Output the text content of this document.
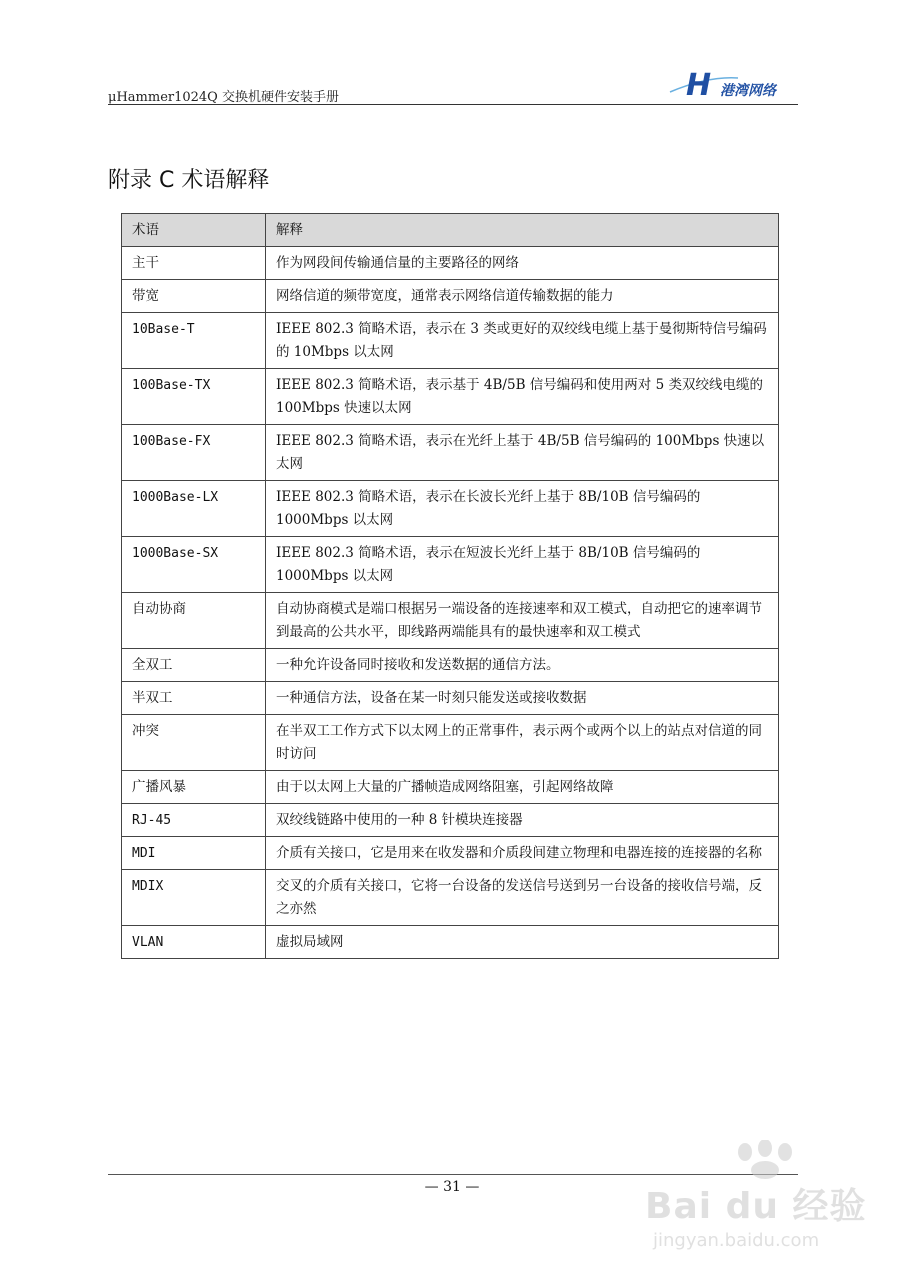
μHammer1024Q 交换机硬件安装手册	H 港湾网络
附录 C 术语解释
术语	解释
主干	作为网段间传输通信量的主要路径的网络
带宽	网络信道的频带宽度，通常表示网络信道传输数据的能力
10Base-T	IEEE 802.3 简略术语，表示在 3 类或更好的双绞线电缆上基于曼彻斯特信号编码的 10Mbps 以太网
100Base-TX	IEEE 802.3 简略术语，表示基于 4B/5B 信号编码和使用两对 5 类双绞线电缆的 100Mbps 快速以太网
100Base-FX	IEEE 802.3 简略术语，表示在光纤上基于 4B/5B 信号编码的 100Mbps 快速以太网
1000Base-LX	IEEE 802.3 简略术语，表示在长波长光纤上基于 8B/10B 信号编码的 1000Mbps 以太网
1000Base-SX	IEEE 802.3 简略术语，表示在短波长光纤上基于 8B/10B 信号编码的 1000Mbps 以太网
自动协商	自动协商模式是端口根据另一端设备的连接速率和双工模式，自动把它的速率调节到最高的公共水平，即线路两端能具有的最快速率和双工模式
全双工	一种允许设备同时接收和发送数据的通信方法。
半双工	一种通信方法，设备在某一时刻只能发送或接收数据
冲突	在半双工工作方式下以太网上的正常事件，表示两个或两个以上的站点对信道的同时访问
广播风暴	由于以太网上大量的广播帧造成网络阻塞，引起网络故障
RJ-45	双绞线链路中使用的一种 8 针模块连接器
MDI	介质有关接口，它是用来在收发器和介质段间建立物理和电器连接的连接器的名称
MDIX	交叉的介质有关接口，它将一台设备的发送信号送到另一台设备的接收信号端，反之亦然
VLAN	虚拟局域网
— 31 —	Bai du 经验
jingyan.baidu.com
